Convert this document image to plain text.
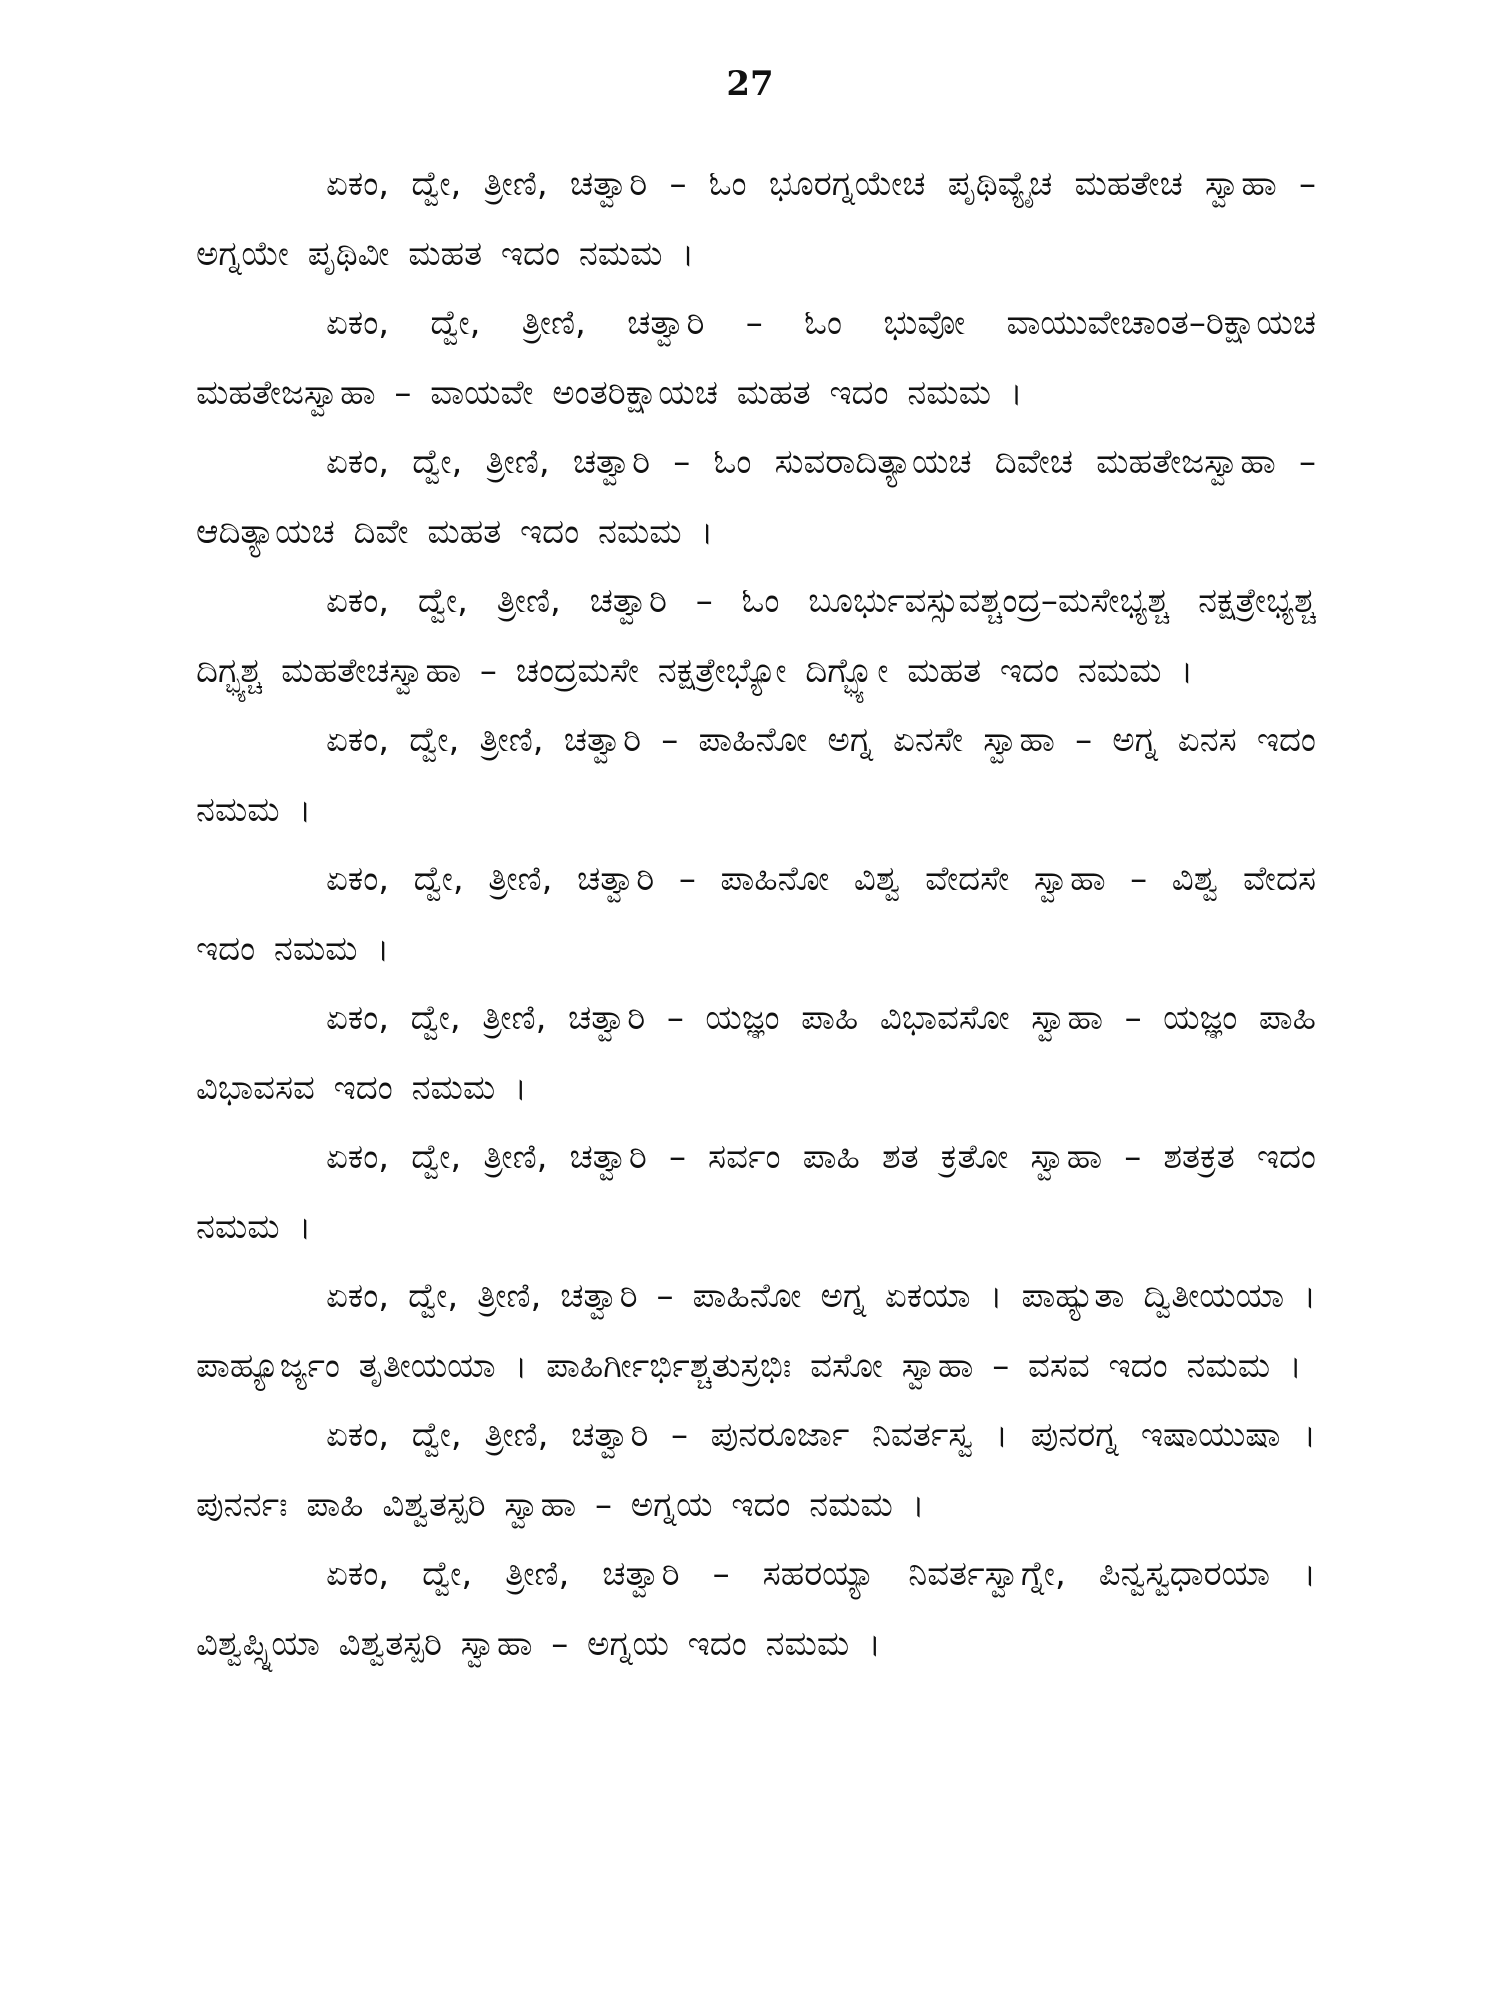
27

ಏಕಂ, ದ್ವೇ, ತ್ರೀಣಿ, ಚತ್ವಾರಿ – ಓಂ ಭೂರಗ್ನಯೇಚ ಪೃಥಿವ್ಯೈಚ ಮಹತೇಚ ಸ್ವಾಹಾ – ಅಗ್ನಯೇ ಪೃಥಿವೀ ಮಹತ ಇದಂ ನಮಮ ।

ಏಕಂ, ದ್ವೇ, ತ್ರೀಣಿ, ಚತ್ವಾರಿ – ಓಂ ಭುವೋ ವಾಯುವೇಚಾಂತ–ರಿಕ್ಷಾಯಚ ಮಹತೇಜಸ್ವಾಹಾ – ವಾಯವೇ ಅಂತರಿಕ್ಷಾಯಚ ಮಹತ ಇದಂ ನಮಮ ।

ಏಕಂ, ದ್ವೇ, ತ್ರೀಣಿ, ಚತ್ವಾರಿ – ಓಂ ಸುವರಾದಿತ್ಯಾಯಚ ದಿವೇಚ ಮಹತೇಜಸ್ವಾಹಾ – ಆದಿತ್ಯಾಯಚ ದಿವೇ ಮಹತ ಇದಂ ನಮಮ ।

ಏಕಂ, ದ್ವೇ, ತ್ರೀಣಿ, ಚತ್ವಾರಿ – ಓಂ ಬೂರ್ಭುವಸ್ಸುವಶ್ಚಂದ್ರ–ಮಸೇಭ್ಯಶ್ಚ ನಕ್ಷತ್ರೇಭ್ಯಶ್ಚ ದಿಗ್ಭ್ಯಶ್ಚ ಮಹತೇಚಸ್ವಾಹಾ – ಚಂದ್ರಮಸೇ ನಕ್ಷತ್ರೇಭ್ಯೋ ದಿಗ್ಭ್ಯೋ ಮಹತ ಇದಂ ನಮಮ ।

ಏಕಂ, ದ್ವೇ, ತ್ರೀಣಿ, ಚತ್ವಾರಿ – ಪಾಹಿನೋ ಅಗ್ನ ಏನಸೇ ಸ್ವಾಹಾ – ಅಗ್ನ ಏನಸ ಇದಂ ನಮಮ ।

ಏಕಂ, ದ್ವೇ, ತ್ರೀಣಿ, ಚತ್ವಾರಿ – ಪಾಹಿನೋ ವಿಶ್ವ ವೇದಸೇ ಸ್ವಾಹಾ – ವಿಶ್ವ ವೇದಸ ಇದಂ ನಮಮ ।

ಏಕಂ, ದ್ವೇ, ತ್ರೀಣಿ, ಚತ್ವಾರಿ – ಯಜ್ಞಂ ಪಾಹಿ ವಿಭಾವಸೋ ಸ್ವಾಹಾ – ಯಜ್ಞಂ ಪಾಹಿ ವಿಭಾವಸವ ಇದಂ ನಮಮ ।

ಏಕಂ, ದ್ವೇ, ತ್ರೀಣಿ, ಚತ್ವಾರಿ – ಸರ್ವಂ ಪಾಹಿ ಶತ ಕ್ರತೋ ಸ್ವಾಹಾ – ಶತಕ್ರತ ಇದಂ ನಮಮ ।

ಏಕಂ, ದ್ವೇ, ತ್ರೀಣಿ, ಚತ್ವಾರಿ – ಪಾಹಿನೋ ಅಗ್ನ ಏಕಯಾ । ಪಾಹ್ಯುತಾ ದ್ವಿತೀಯಯಾ । ಪಾಹ್ಯೂರ್ಜ್ಯಂ ತೃತೀಯಯಾ । ಪಾಹಿರ್ಗೀರ್ಭಿಶ್ಚತುಸ್ರಭಿಃ ವಸೋ ಸ್ವಾಹಾ – ವಸವ ಇದಂ ನಮಮ ।

ಏಕಂ, ದ್ವೇ, ತ್ರೀಣಿ, ಚತ್ವಾರಿ – ಪುನರೂರ್ಜಾ ನಿವರ್ತಸ್ವ । ಪುನರಗ್ನ ಇಷಾಯುಷಾ । ಪುನರ್ನಃ ಪಾಹಿ ವಿಶ್ವತಸ್ಪರಿ ಸ್ವಾಹಾ – ಅಗ್ನಯ ಇದಂ ನಮಮ ।

ಏಕಂ, ದ್ವೇ, ತ್ರೀಣಿ, ಚತ್ವಾರಿ – ಸಹರಯ್ಯಾ ನಿವರ್ತಸ್ವಾಗ್ನೇ, ಪಿನ್ವಸ್ವಧಾರಯಾ । ವಿಶ್ವಪ್ಸ್ನಿಯಾ ವಿಶ್ವತಸ್ಪರಿ ಸ್ವಾಹಾ – ಅಗ್ನಯ ಇದಂ ನಮಮ ।
